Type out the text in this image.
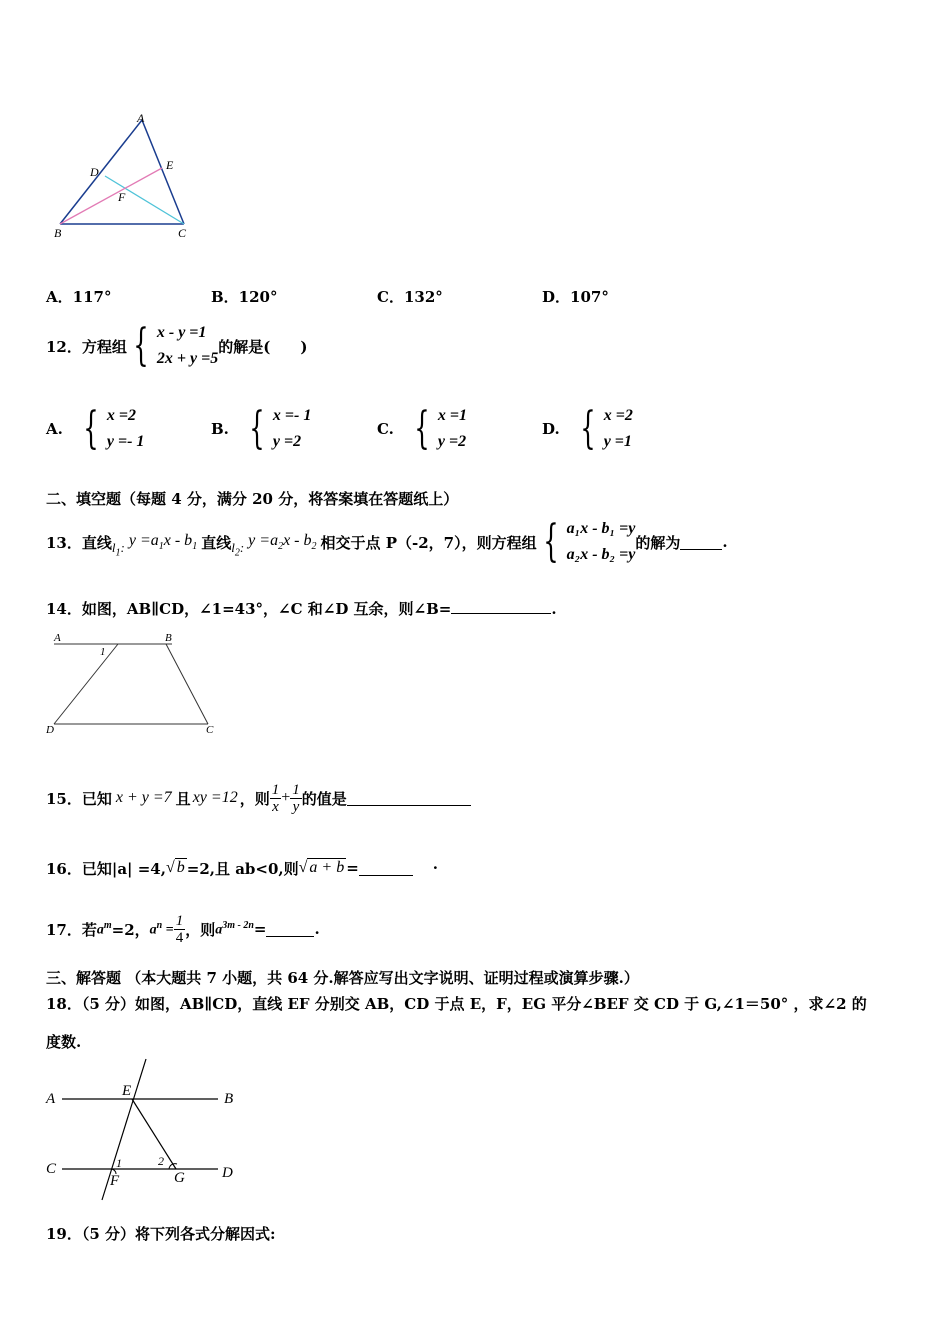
A
D	E
F
B	C
A．117°	B．120°	C．132°	D．107°
12．方程组 { x - y =1
2x + y =5
的解是(　　)
A. { x =2
y =- 1
B. { x =- 1
y =2
C. { x =1
y =2
D. { x =2
y =1
二、填空题（每题 4 分，满分 20 分，将答案填在答题纸上）
13．直线 $l_1$: $y =a_1x - b_1$ 直线 $l_2$: $y =a_2x - b_2$ 相交于点 P（-2，7），则方程组 { a₁x - b₁ =y
a₂x - b₂ =y
的解为	.
14．如图，AB∥CD，∠1=43°，∠C 和∠D 互余，则∠B=	.
A	B
1
D	C
15．已知 x + y =7 且 xy =12 ，则 $\frac{1}{x} + \frac{1}{y}$ 的值是
16．已知|a| =4, √ b =2,且 ab<0,则 √ a + b =	·
17．若 $a^m =2$， $a^n = \frac{1}{4}$ ，则 $a^{3m - 2n}$ =	.
三、解答题 （本大题共 7 小题，共 64 分.解答应写出文字说明、证明过程或演算步骤.）
18．（5 分）如图，AB∥CD，直线 EF 分别交 AB，CD 于点 E，F，EG 平分∠BEF 交 CD 于 G,∠1＝50° ，求∠2 的
度数.
A	B
E
C	D
1	2
F	G
19．（5 分）将下列各式分解因式:
